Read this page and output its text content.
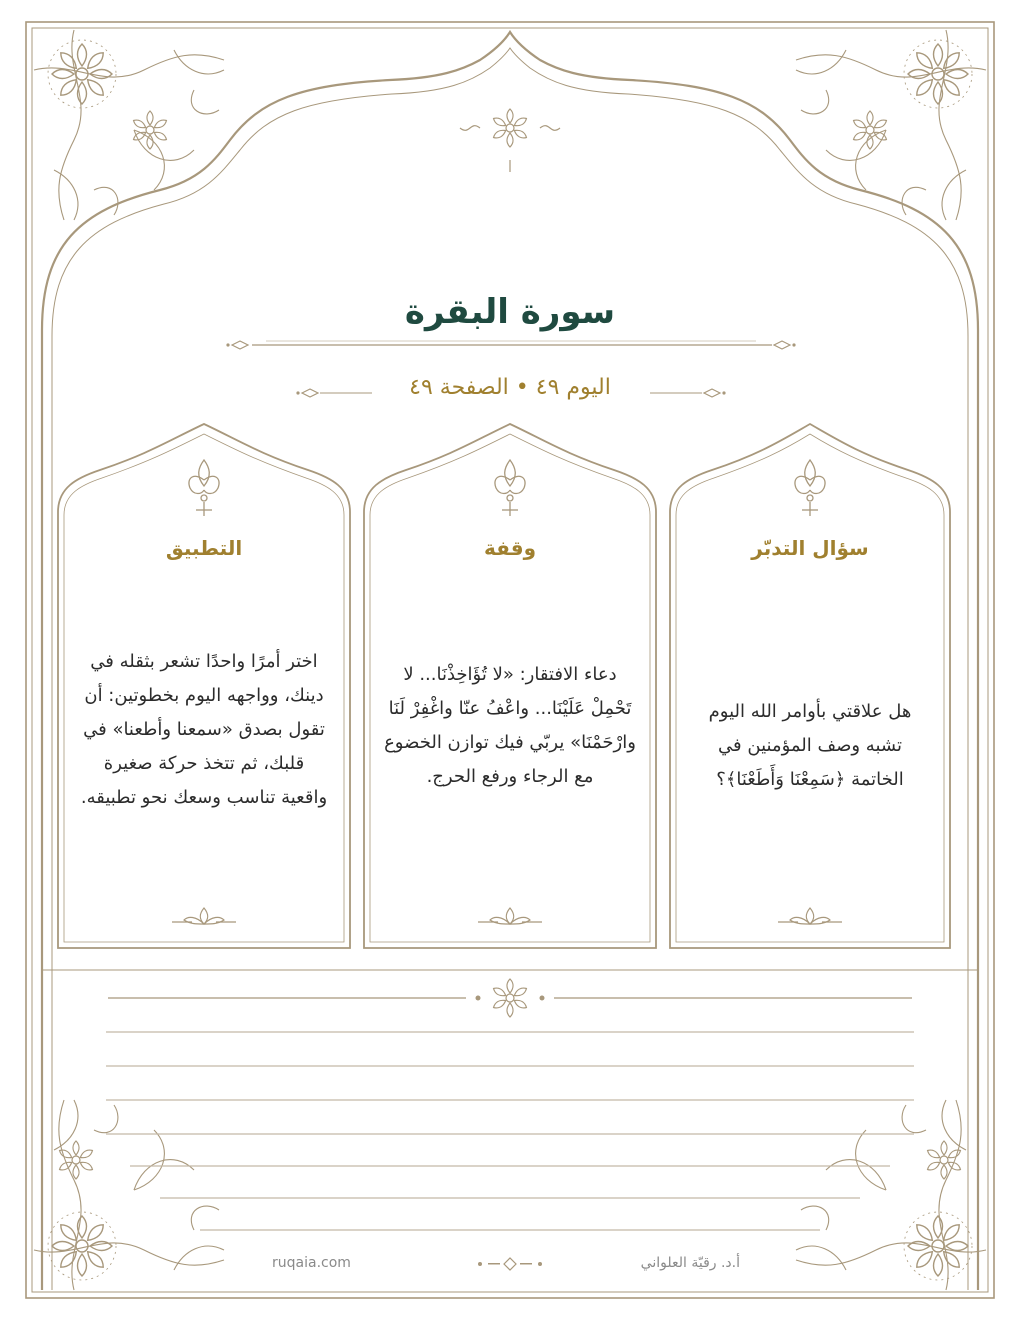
سورة البقرة
اليوم ٤٩ • الصفحة ٤٩
سؤال التدبّر
هل علاقتي بأوامر الله اليوم تشبه وصف المؤمنين في الخاتمة ﴿سَمِعْنَا وَأَطَعْنَا﴾؟
وقفة
دعاء الافتقار: «لا تُؤَاخِذْنَا... لا تَحْمِلْ عَلَيْنَا... واعْفُ عنّا واغْفِرْ لَنَا وارْحَمْنَا» يربّي فيك توازن الخضوع مع الرجاء ورفع الحرج.
التطبيق
اختر أمرًا واحدًا تشعر بثقله في دينك، وواجهه اليوم بخطوتين: أن تقول بصدق «سمعنا وأطعنا» في قلبك، ثم تتخذ حركة صغيرة واقعية تناسب وسعك نحو تطبيقه.
ruqaia.com	أ.د. رقيّة العلواني
